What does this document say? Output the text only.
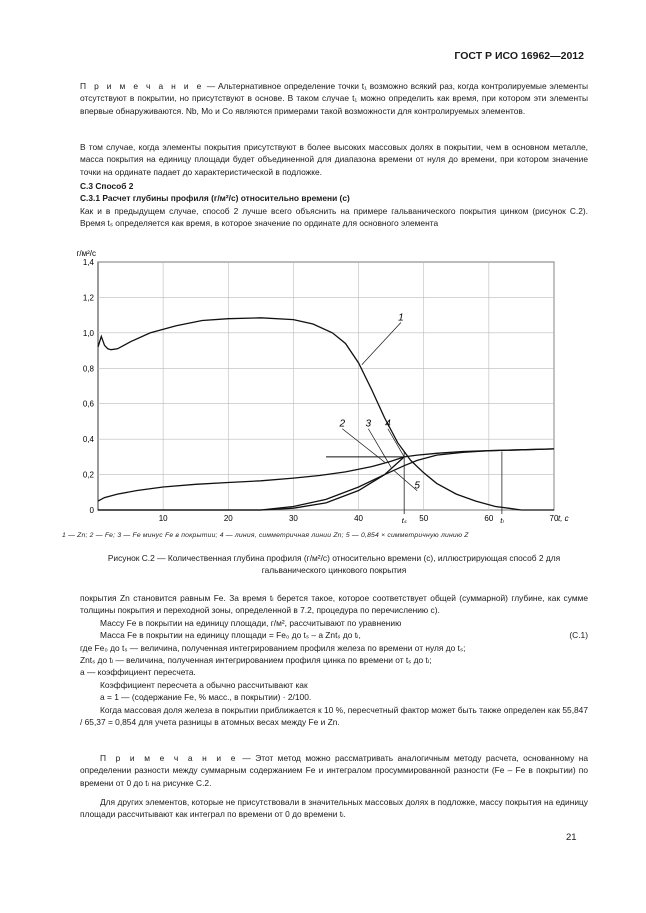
ГОСТ Р ИСО 16962—2012

П р и м е ч а н и е — Альтернативное определение точки t₁ возможно всякий раз, когда контролируемые элементы отсутствуют в покрытии, но присутствуют в основе. В таком случае t₁ можно определить как время, при котором эти элементы впервые обнаруживаются. Nb, Mo и Co являются примерами такой возможности для контролируемых элементов.

В том случае, когда элементы покрытия присутствуют в более высоких массовых долях в покрытии, чем в основном металле, масса покрытия на единицу площади будет объединенной для диапазона времени от нуля до времени, при котором значение точки на ординате падает до характеристической в подложке.

С.3 Способ 2

С.3.1 Расчет глубины профиля (г/м²/с) относительно времени (с)

Как и в предыдущем случае, способ 2 лучше всего объяснить на примере гальванического покрытия цинком (рисунок С.2). Время tₛ определяется как время, в которое значение по ординате для основного элемента

0
0,2
0,4
0,6
0,8
1,0
1,2
1,4
10	20	30	40	50	60	70
tₛ	tₗ
г/м²/с
t, с
1
2 3 4
5
1 — Zn; 2 — Fe; 3 — Fe минус Fe в покрытии; 4 — линия, симметричная линии Zn; 5 — 0,854 × симметричную линию Z
Рисунок С.2 — Количественная глубина профиля (г/м²/с) относительно времени (с), иллюстрирующая способ 2 для гальванического цинкового покрытия

покрытия Zn становится равным Fe. За время tₗ берется такое, которое соответствует общей (суммарной) глубине, как сумме толщины покрытия и переходной зоны, определенной в 7.2, процедура по перечислению с).

Массу Fe в покрытии на единицу площади, г/м², рассчитывают по уравнению

Масса Fe в покрытии на единицу площади = Fe₀ до tₛ – a Zntₛ до tₗ,	(С.1)

где Fe₀ до tₛ — величина, полученная интегрированием профиля железа по времени от нуля до tₛ;

Zntₛ до tₗ — величина, полученная интегрированием профиля цинка по времени от tₛ до tₗ;

a — коэффициент пересчета.

Коэффициент пересчета a обычно рассчитывают как

a = 1 — (содержание Fe, % масс., в покрытии) · 2/100.

Когда массовая доля железа в покрытии приближается к 10 %, пересчетный фактор может быть также определен как 55,847 / 65,37 = 0,854 для учета разницы в атомных весах между Fe и Zn.

П р и м е ч а н и е — Этот метод можно рассматривать аналогичным методу расчета, основанному на определении разности между суммарным содержанием Fe и интегралом просуммированной разности (Fe – Fe в покрытии) по времени от 0 до tₗ на рисунке С.2.

Для других элементов, которые не присутствовали в значительных массовых долях в подложке, массу покрытия на единицу площади рассчитывают как интеграл по времени от 0 до времени tₗ.

21
